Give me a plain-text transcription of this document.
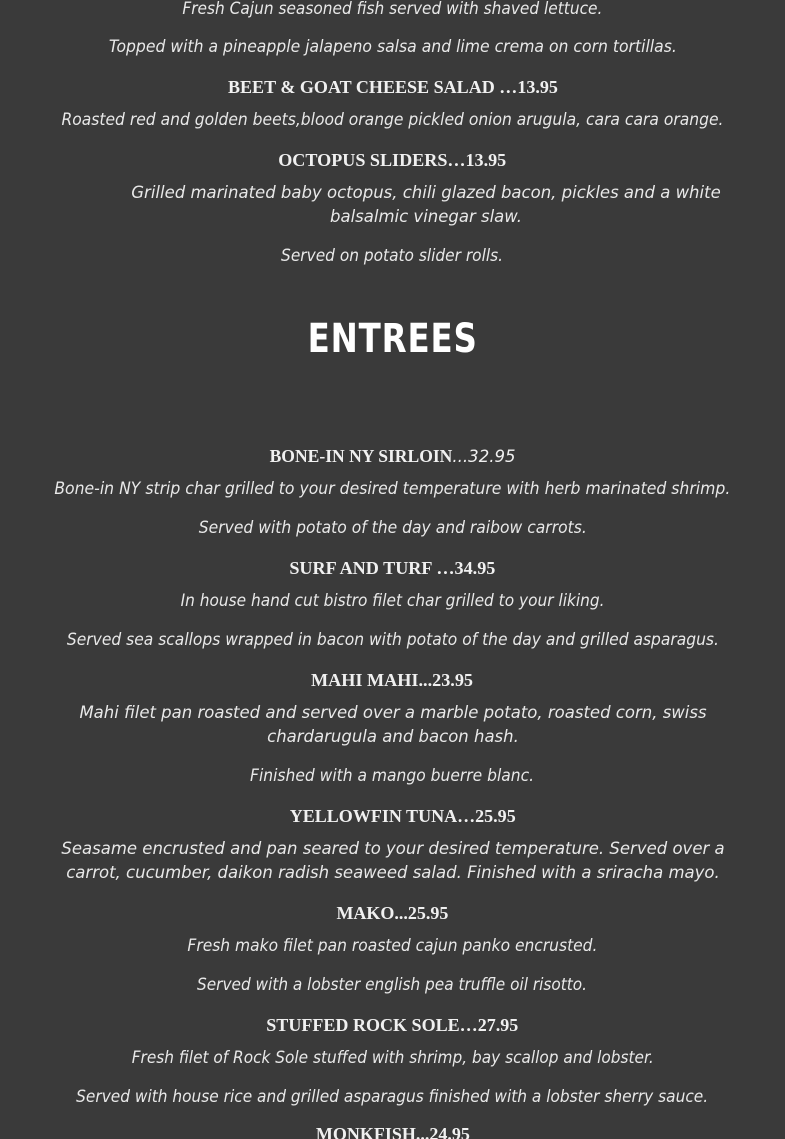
Fresh Cajun seasoned fish served with shaved lettuce.
Topped with a pineapple jalapeno salsa and lime crema on corn tortillas.
BEET & GOAT CHEESE SALAD …13.95
Roasted red and golden beets,blood orange pickled onion arugula, cara cara orange.
OCTOPUS SLIDERS…13.95
Grilled marinated baby octopus, chili glazed bacon, pickles and a white balsalmic vinegar slaw.
Served on potato slider rolls.
ENTREES
BONE-IN NY SIRLOIN...32.95
Bone-in NY strip char grilled to your desired temperature with herb marinated shrimp.
Served with potato of the day and raibow carrots.
SURF AND TURF …34.95
In house hand cut bistro filet char grilled to your liking.
Served sea scallops wrapped in bacon with potato of the day and grilled asparagus.
MAHI MAHI...23.95
Mahi filet pan roasted and served over a marble potato, roasted corn, swiss chardarugula and bacon hash.
Finished with a mango buerre blanc.
YELLOWFIN TUNA…25.95
Seasame encrusted and pan seared to your desired temperature. Served over a carrot, cucumber, daikon radish seaweed salad. Finished with a sriracha mayo.
MAKO...25.95
Fresh mako filet pan roasted cajun panko encrusted.
Served with a lobster english pea truffle oil risotto.
STUFFED ROCK SOLE…27.95
Fresh filet of Rock Sole stuffed with shrimp, bay scallop and lobster.
Served with house rice and grilled asparagus finished with a lobster sherry sauce.
MONKFISH...24.95
